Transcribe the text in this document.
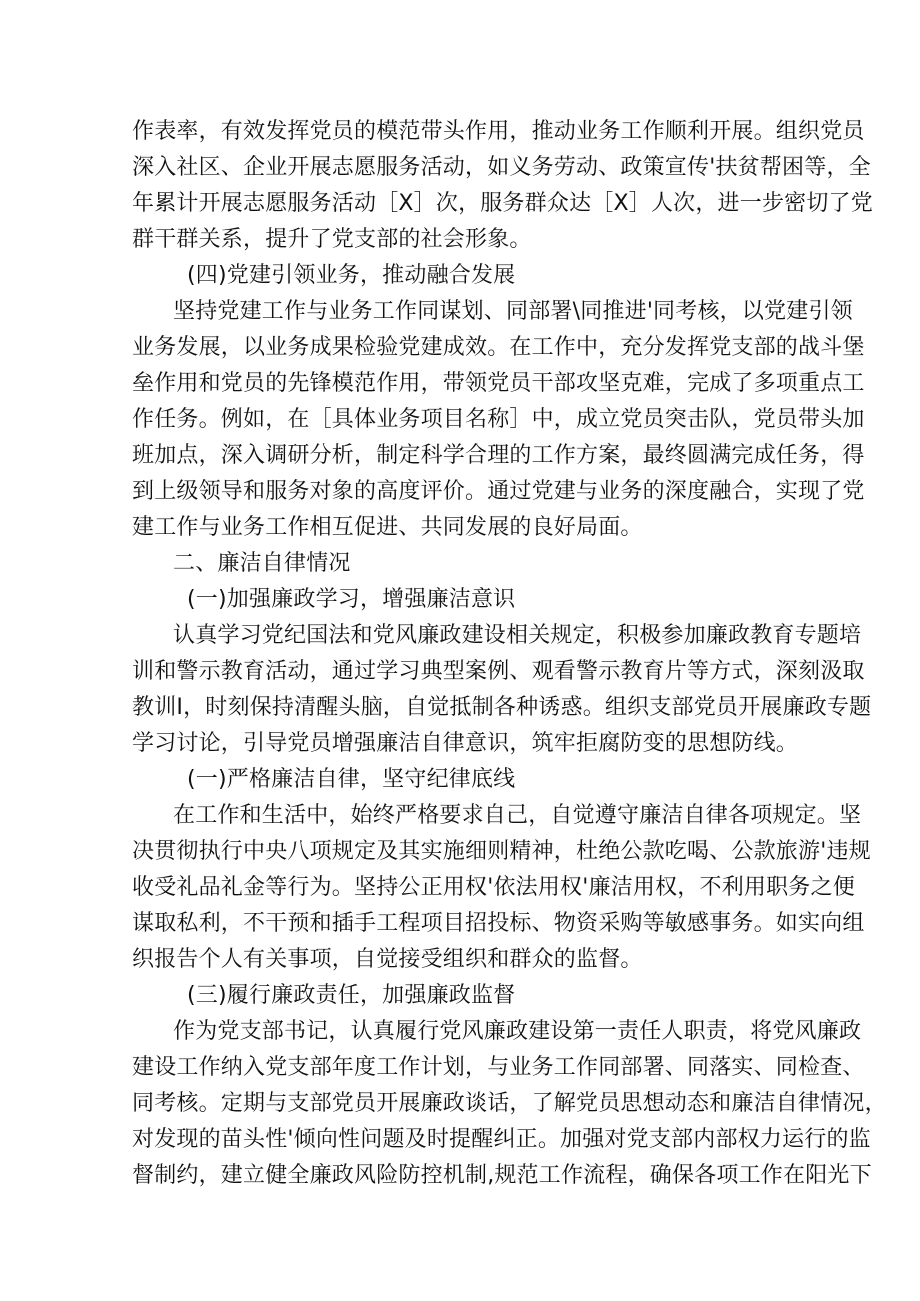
作表率，有效发挥党员的模范带头作用，推动业务工作顺利开展。组织党员
深入社区、企业开展志愿服务活动，如义务劳动、政策宣传'扶贫帮困等，全
年累计开展志愿服务活动［X］次，服务群众达［X］人次，进一步密切了党
群干群关系，提升了党支部的社会形象。
(四)党建引领业务，推动融合发展
坚持党建工作与业务工作同谋划、同部署\同推进'同考核，以党建引领
业务发展，以业务成果检验党建成效。在工作中，充分发挥党支部的战斗堡
垒作用和党员的先锋模范作用，带领党员干部攻坚克难，完成了多项重点工
作任务。例如，在［具体业务项目名称］中，成立党员突击队，党员带头加
班加点，深入调研分析，制定科学合理的工作方案，最终圆满完成任务，得
到上级领导和服务对象的高度评价。通过党建与业务的深度融合，实现了党
建工作与业务工作相互促进、共同发展的良好局面。
二、廉洁自律情况
(一)加强廉政学习，增强廉洁意识
认真学习党纪国法和党风廉政建设相关规定，积极参加廉政教育专题培
训和警示教育活动，通过学习典型案例、观看警示教育片等方式，深刻汲取
教训I，时刻保持清醒头脑，自觉抵制各种诱惑。组织支部党员开展廉政专题
学习讨论，引导党员增强廉洁自律意识，筑牢拒腐防变的思想防线。
(一)严格廉洁自律，坚守纪律底线
在工作和生活中，始终严格要求自己，自觉遵守廉洁自律各项规定。坚
决贯彻执行中央八项规定及其实施细则精神，杜绝公款吃喝、公款旅游'违规
收受礼品礼金等行为。坚持公正用权'依法用权'廉洁用权，不利用职务之便
谋取私利，不干预和插手工程项目招投标、物资采购等敏感事务。如实向组
织报告个人有关事项，自觉接受组织和群众的监督。
(三)履行廉政责任，加强廉政监督
作为党支部书记，认真履行党风廉政建设第一责任人职责，将党风廉政
建设工作纳入党支部年度工作计划，与业务工作同部署、同落实、同检查、
同考核。定期与支部党员开展廉政谈话，了解党员思想动态和廉洁自律情况，
对发现的苗头性'倾向性问题及时提醒纠正。加强对党支部内部权力运行的监
督制约，建立健全廉政风险防控机制,规范工作流程，确保各项工作在阳光下
